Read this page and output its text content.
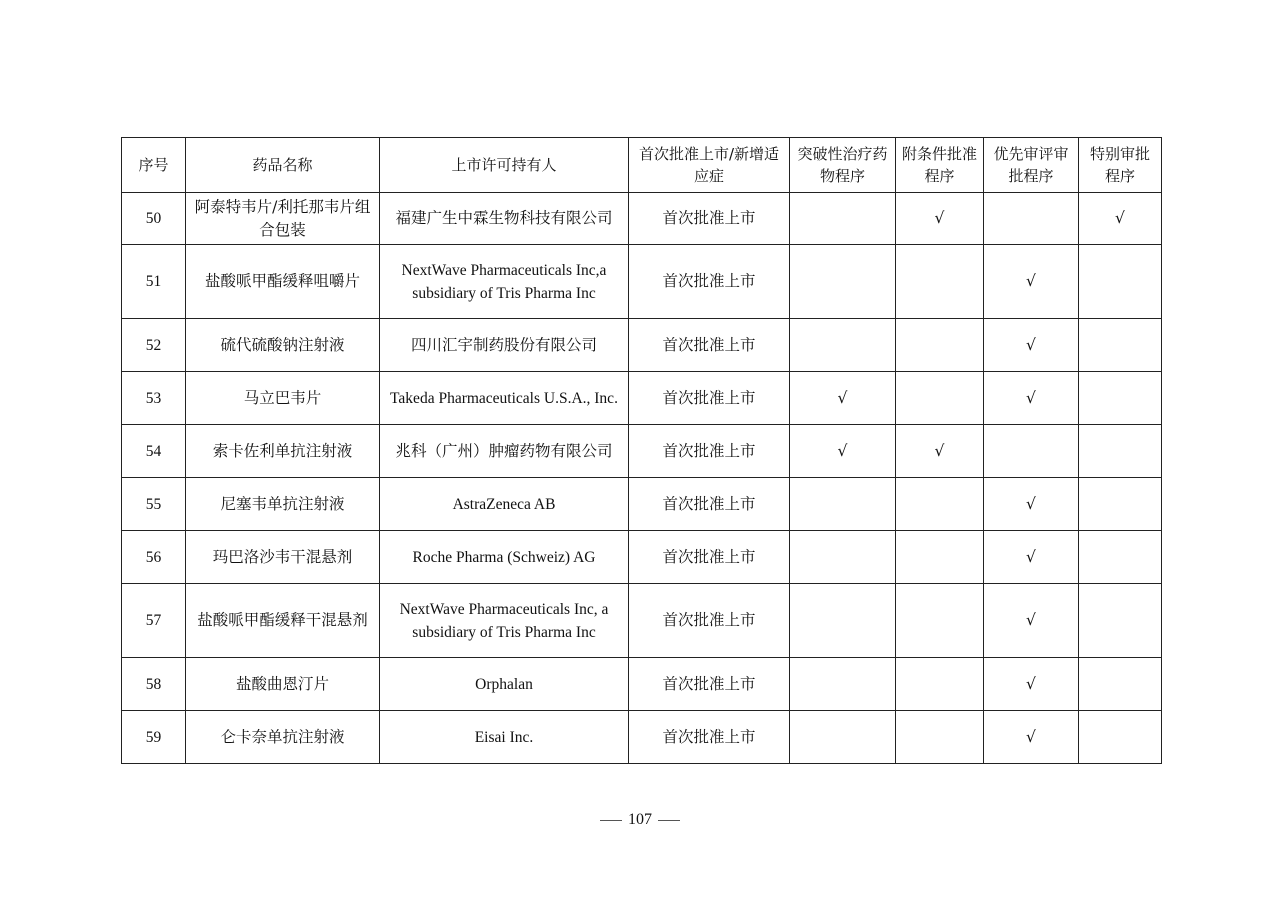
序号	药品名称	上市许可持有人	首次批准上市/新增适应症	突破性治疗药物程序	附条件批准程序	优先审评审批程序	特别审批程序
50	阿泰特韦片/利托那韦片组合包装	福建广生中霖生物科技有限公司	首次批准上市		√		√
51	盐酸哌甲酯缓释咀嚼片	NextWave Pharmaceuticals Inc,a subsidiary of Tris Pharma Inc	首次批准上市			√	
52	硫代硫酸钠注射液	四川汇宇制药股份有限公司	首次批准上市			√	
53	马立巴韦片	Takeda Pharmaceuticals U.S.A., Inc.	首次批准上市	√		√	
54	索卡佐利单抗注射液	兆科（广州）肿瘤药物有限公司	首次批准上市	√	√		
55	尼塞韦单抗注射液	AstraZeneca AB	首次批准上市			√	
56	玛巴洛沙韦干混悬剂	Roche Pharma (Schweiz) AG	首次批准上市			√	
57	盐酸哌甲酯缓释干混悬剂	NextWave Pharmaceuticals Inc, a subsidiary of Tris Pharma Inc	首次批准上市			√	
58	盐酸曲恩汀片	Orphalan	首次批准上市			√	
59	仑卡奈单抗注射液	Eisai Inc.	首次批准上市			√	
107
